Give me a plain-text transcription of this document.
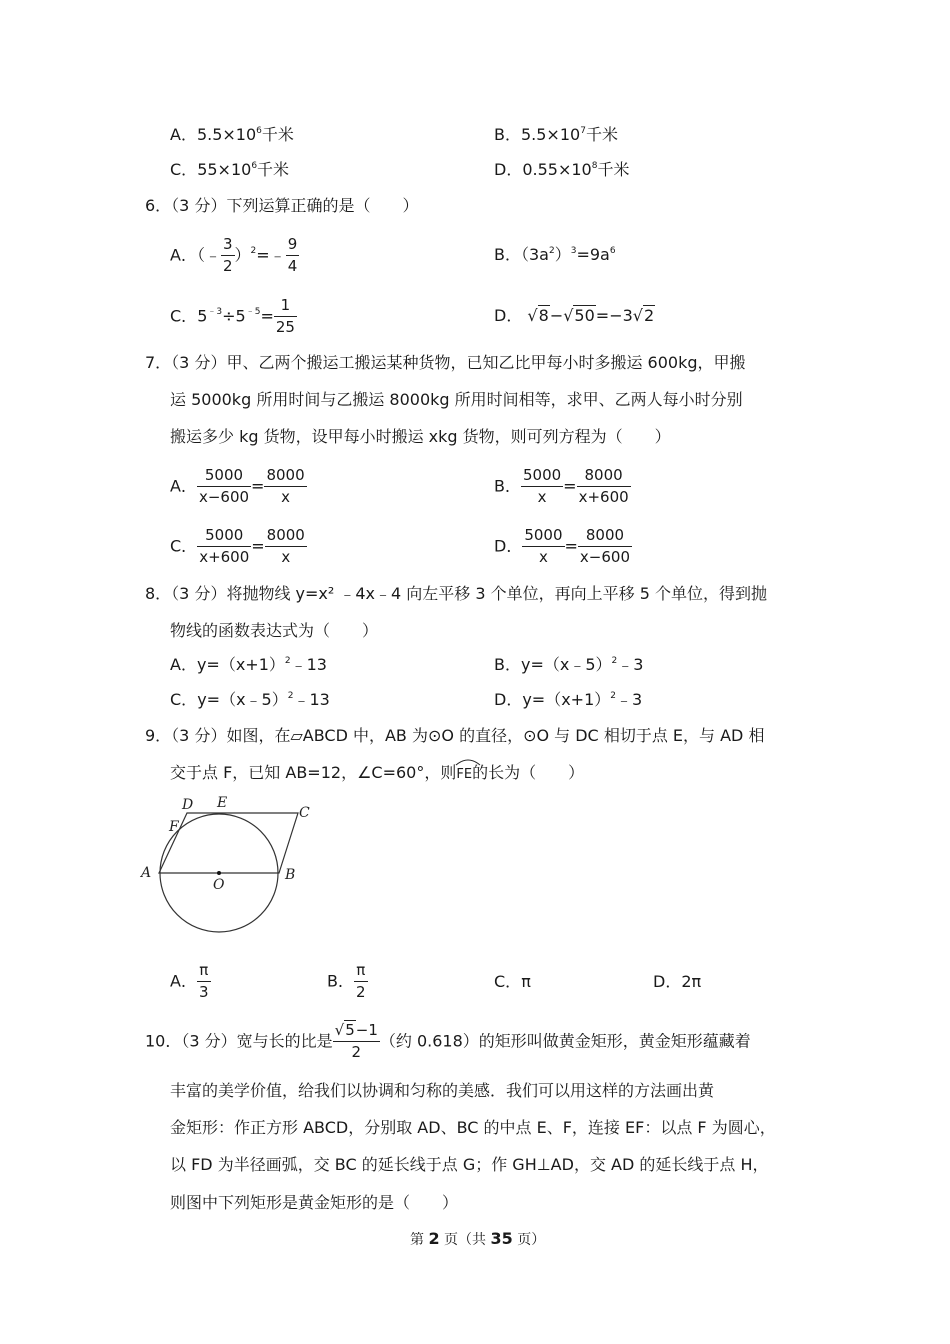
A．$5.5\times 10^6$千米	B．$5.5\times 10^7$千米
C．$55\times 10^6$千米	D．$0.55\times 10^8$千米
6．（3 分）下列运算正确的是（　　）
A．（﹣ $\frac{3}{2}$ ）$^2$=﹣ $\frac{9}{4}$	B．$(3a^2)^3=9a^6$
C．$5^{﹣3}\div 5^{﹣5}= \frac{1}{25}$	D． √8−√50=−3√2
7．（3 分）甲、乙两个搬运工搬运某种货物，已知乙比甲每小时多搬运 600kg，甲搬
运 5000kg 所用时间与乙搬运 8000kg 所用时间相等，求甲、乙两人每小时分别
搬运多少 kg 货物，设甲每小时搬运 xkg 货物，则可列方程为（　　）
A． $\frac{5000}{x-600} = \frac{8000}{x}$	B． $\frac{5000}{x} = \frac{8000}{x+600}$
C． $\frac{5000}{x+600} = \frac{8000}{x}$	D． $\frac{5000}{x} = \frac{8000}{x-600}$
8．（3 分）将抛物线 y=x² ﹣4x﹣4 向左平移 3 个单位，再向上平移 5 个单位，得到抛
物线的函数表达式为（　　）
A．$y=(x+1)^2﹣13$	B．y=（x﹣5）$^2$﹣3
C．y=（x﹣5）$^2$﹣13	D．$y=(x+1)^2﹣3$
9．（3 分）如图，在▱ABCD 中，AB 为⊙O 的直径，⊙O 与 DC 相切于点 E，与 AD 相
交于点 F，已知 AB=12，∠C=60°，则
FE的长为（　　）
D E
C
F
A
O
B
A． $\frac{\pi}{3}$	B． $\frac{\pi}{2}$	C．π	D．2π
10．（3 分）宽与长的比是 $\frac{√5-1}{2}$ （约 0.618）的矩形叫做黄金矩形，黄金矩形蕴藏着
丰富的美学价值，给我们以协调和匀称的美感．我们可以用这样的方法画出黄
金矩形：作正方形 ABCD，分别取 AD、BC 的中点 E、F，连接 EF：以点 F 为圆心，
以 FD 为半径画弧，交 BC 的延长线于点 G；作 GH⊥AD，交 AD 的延长线于点 H，
则图中下列矩形是黄金矩形的是（　　）
第 2 页（共 35 页）
